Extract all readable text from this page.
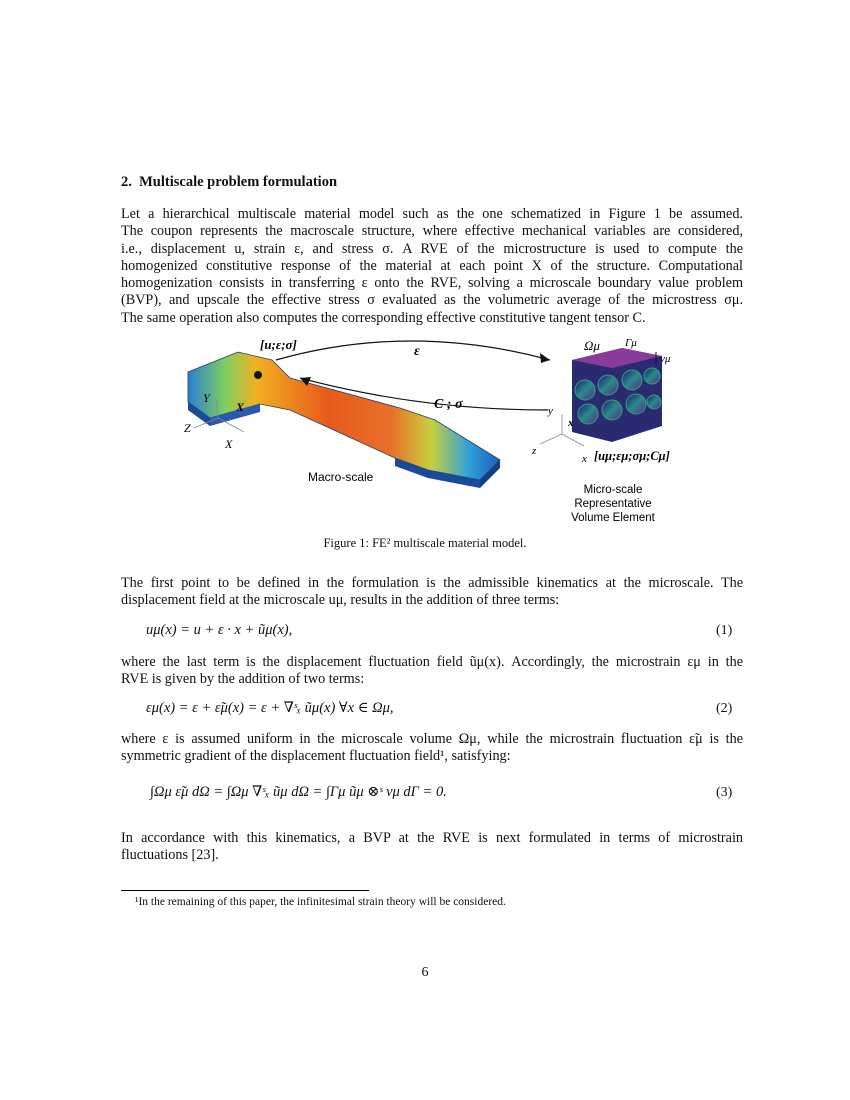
2. Multiscale problem formulation
Let a hierarchical multiscale material model such as the one schematized in Figure 1 be assumed.
The coupon represents the macroscale structure, where effective mechanical variables are considered,
i.e., displacement u, strain ε, and stress σ. A RVE of the microstructure is used to compute the
homogenized constitutive response of the material at each point X of the structure. Computational
homogenization consists in transferring ε onto the RVE, solving a microscale boundary value problem
(BVP), and upscale the effective stress σ evaluated as the volumetric average of the microstress σμ.
The same operation also computes the corresponding effective constitutive tangent tensor C.
Y
Z
X
X
[u;ε;σ]	ε
C ; σ
Macro-scale
Ωμ Γμ
νμ
y
z
x
x [uμ;εμ;σμ;Cμ]
Micro-scale
Representative
Volume Element
Figure 1: FE² multiscale material model.
The first point to be defined in the formulation is the admissible kinematics at the microscale. The
displacement field at the microscale uμ, results in the addition of three terms:
uμ(x) = u + ε · x + ũμ(x),	(1)
where the last term is the displacement fluctuation field ũμ(x). Accordingly, the microstrain εμ in the
RVE is given by the addition of two terms:
εμ(x) = ε + ε̃μ(x) = ε + ∇ˢₓ ũμ(x) ∀x ∈ Ωμ,	(2)
where ε is assumed uniform in the microscale volume Ωμ, while the microstrain fluctuation ε̃μ is the
symmetric gradient of the displacement fluctuation field¹, satisfying:
∫Ωμ ε̃μ dΩ = ∫Ωμ ∇ˢₓ ũμ dΩ = ∫Γμ ũμ ⊗ˢ νμ dΓ = 0.	(3)
In accordance with this kinematics, a BVP at the RVE is next formulated in terms of microstrain
fluctuations [23].
¹In the remaining of this paper, the infinitesimal strain theory will be considered.
6
